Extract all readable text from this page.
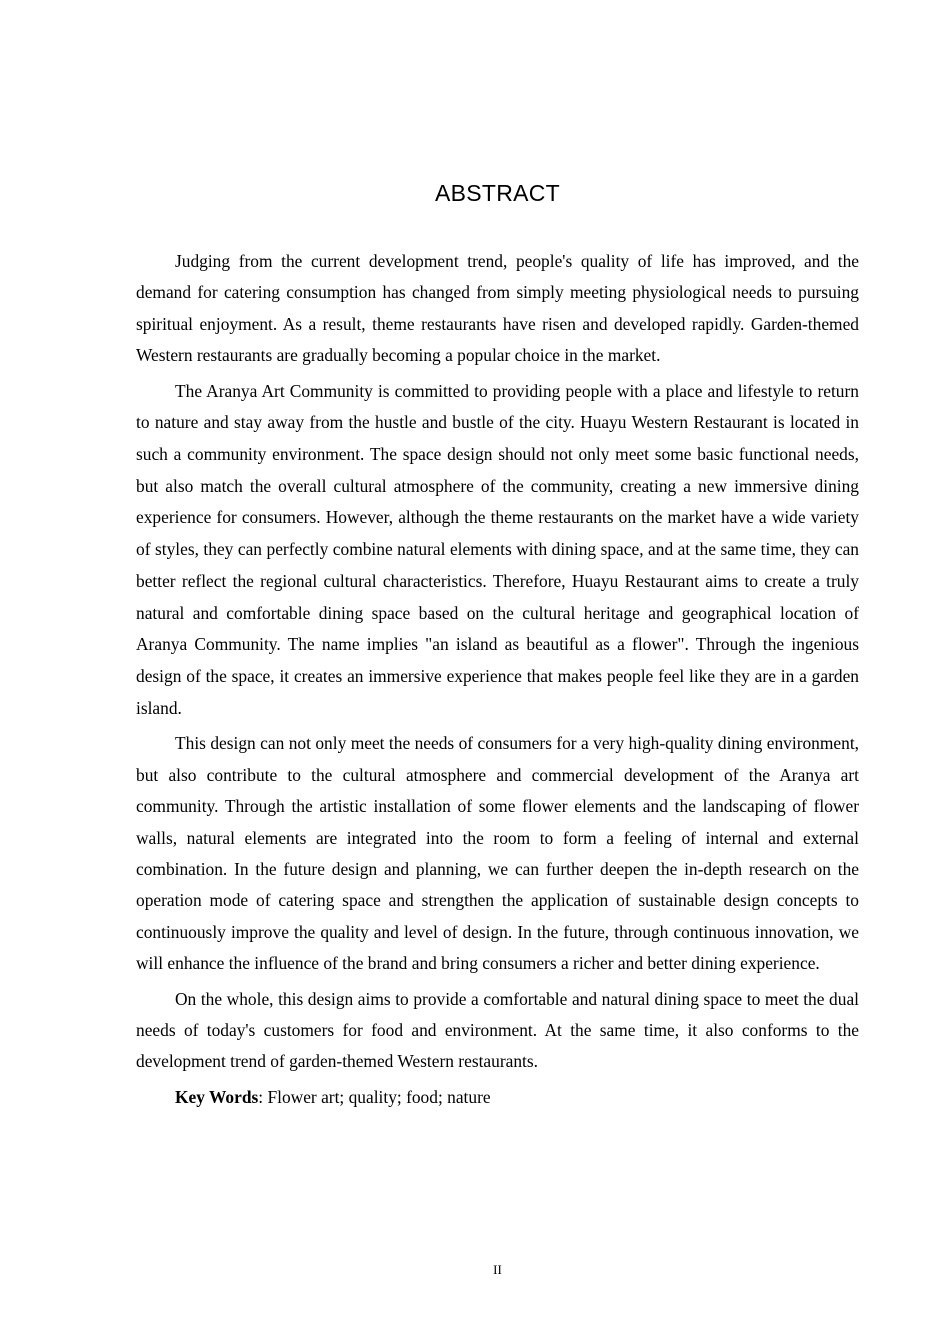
ABSTRACT

Judging from the current development trend, people's quality of life has improved, and the demand for catering consumption has changed from simply meeting physiological needs to pursuing spiritual enjoyment. As a result, theme restaurants have risen and developed rapidly. Garden-themed Western restaurants are gradually becoming a popular choice in the market.

The Aranya Art Community is committed to providing people with a place and lifestyle to return to nature and stay away from the hustle and bustle of the city. Huayu Western Restaurant is located in such a community environment. The space design should not only meet some basic functional needs, but also match the overall cultural atmosphere of the community, creating a new immersive dining experience for consumers. However, although the theme restaurants on the market have a wide variety of styles, they can perfectly combine natural elements with dining space, and at the same time, they can better reflect the regional cultural characteristics. Therefore, Huayu Restaurant aims to create a truly natural and comfortable dining space based on the cultural heritage and geographical location of Aranya Community. The name implies "an island as beautiful as a flower". Through the ingenious design of the space, it creates an immersive experience that makes people feel like they are in a garden island.

This design can not only meet the needs of consumers for a very high-quality dining environment, but also contribute to the cultural atmosphere and commercial development of the Aranya art community. Through the artistic installation of some flower elements and the landscaping of flower walls, natural elements are integrated into the room to form a feeling of internal and external combination. In the future design and planning, we can further deepen the in-depth research on the operation mode of catering space and strengthen the application of sustainable design concepts to continuously improve the quality and level of design. In the future, through continuous innovation, we will enhance the influence of the brand and bring consumers a richer and better dining experience.

On the whole, this design aims to provide a comfortable and natural dining space to meet the dual needs of today's customers for food and environment. At the same time, it also conforms to the development trend of garden-themed Western restaurants.

Key Words: Flower art; quality; food; nature

II
